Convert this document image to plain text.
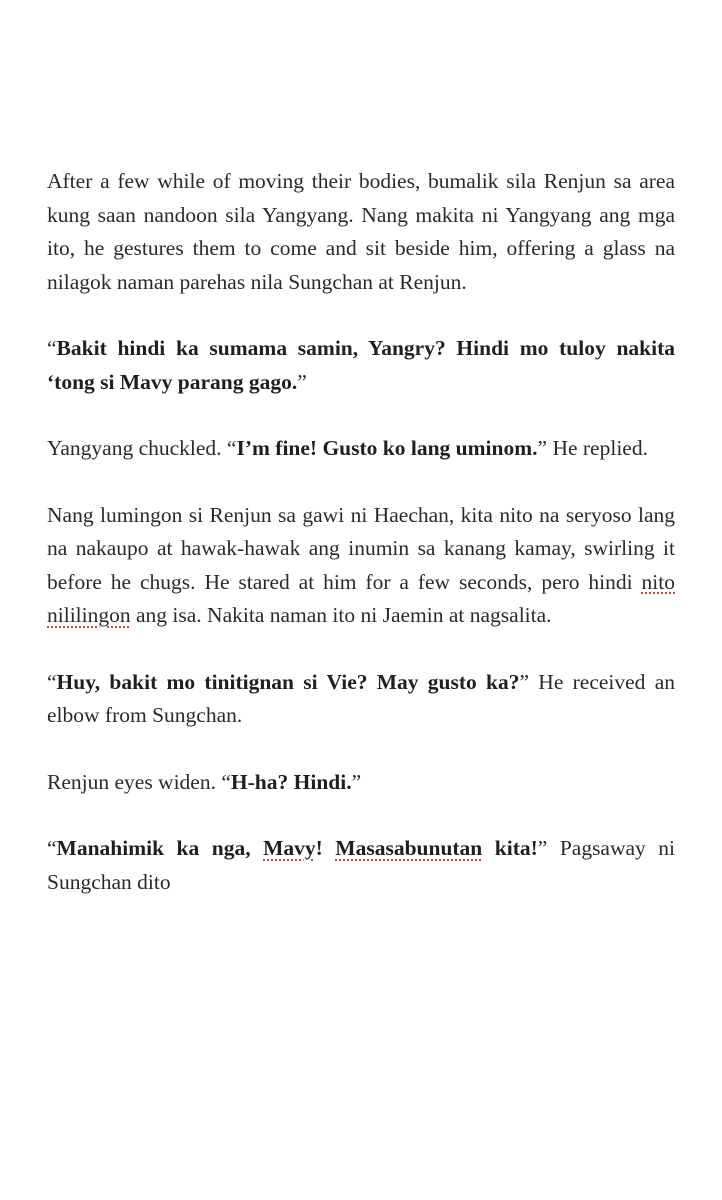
After a few while of moving their bodies, bumalik sila Renjun sa area kung saan nandoon sila Yangyang. Nang makita ni Yangyang ang mga ito, he gestures them to come and sit beside him, offering a glass na nilagok naman parehas nila Sungchan at Renjun.

“Bakit hindi ka sumama samin, Yangry? Hindi mo tuloy nakita ‘tong si Mavy parang gago.”

Yangyang chuckled. “I’m fine! Gusto ko lang uminom.” He replied.

Nang lumingon si Renjun sa gawi ni Haechan, kita nito na seryoso lang na nakaupo at hawak-hawak ang inumin sa kanang kamay, swirling it before he chugs. He stared at him for a few seconds, pero hindi nito nililingon ang isa. Nakita naman ito ni Jaemin at nagsalita.

“Huy, bakit mo tinitignan si Vie? May gusto ka?” He received an elbow from Sungchan.

Renjun eyes widen. “H-ha? Hindi.”

“Manahimik ka nga, Mavy! Masasabunutan kita!” Pagsaway ni Sungchan dito
